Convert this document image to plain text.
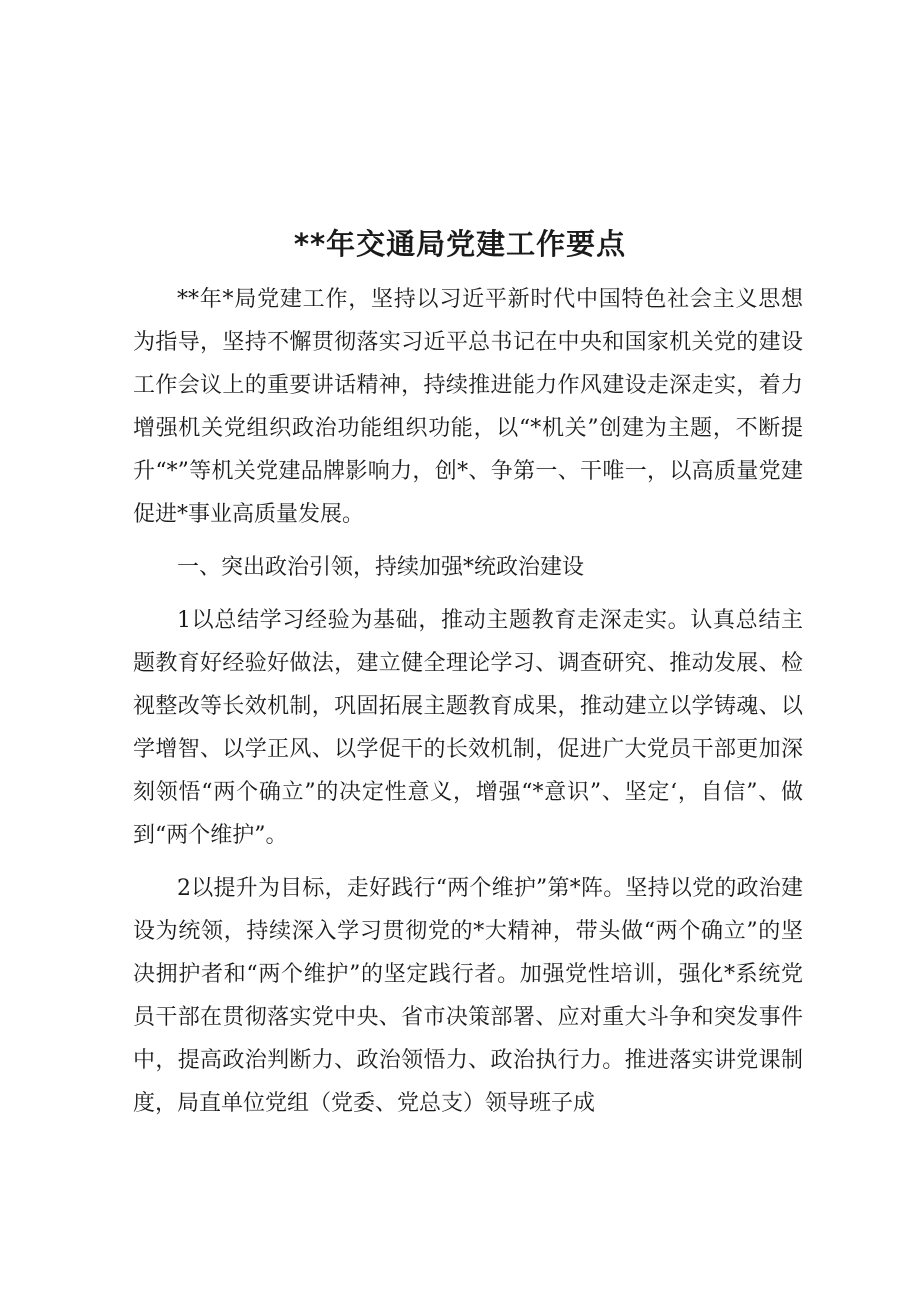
**年交通局党建工作要点

**年*局党建工作，坚持以习近平新时代中国特色社会主义思想为指导，坚持不懈贯彻落实习近平总书记在中央和国家机关党的建设工作会议上的重要讲话精神，持续推进能力作风建设走深走实，着力增强机关党组织政治功能组织功能，以“*机关”创建为主题，不断提升“*”等机关党建品牌影响力，创*、争第一、干唯一，以高质量党建促进*事业高质量发展。

一、突出政治引领，持续加强*统政治建设

1以总结学习经验为基础，推动主题教育走深走实。认真总结主题教育好经验好做法，建立健全理论学习、调查研究、推动发展、检视整改等长效机制，巩固拓展主题教育成果，推动建立以学铸魂、以学增智、以学正风、以学促干的长效机制，促进广大党员干部更加深刻领悟“两个确立”的决定性意义，增强“*意识”、坚定‘，自信”、做到“两个维护”。

2以提升为目标，走好践行“两个维护”第*阵。坚持以党的政治建设为统领，持续深入学习贯彻党的*大精神，带头做“两个确立”的坚决拥护者和“两个维护”的坚定践行者。加强党性培训，强化*系统党员干部在贯彻落实党中央、省市决策部署、应对重大斗争和突发事件中，提高政治判断力、政治领悟力、政治执行力。推进落实讲党课制度，局直单位党组（党委、党总支）领导班子成
